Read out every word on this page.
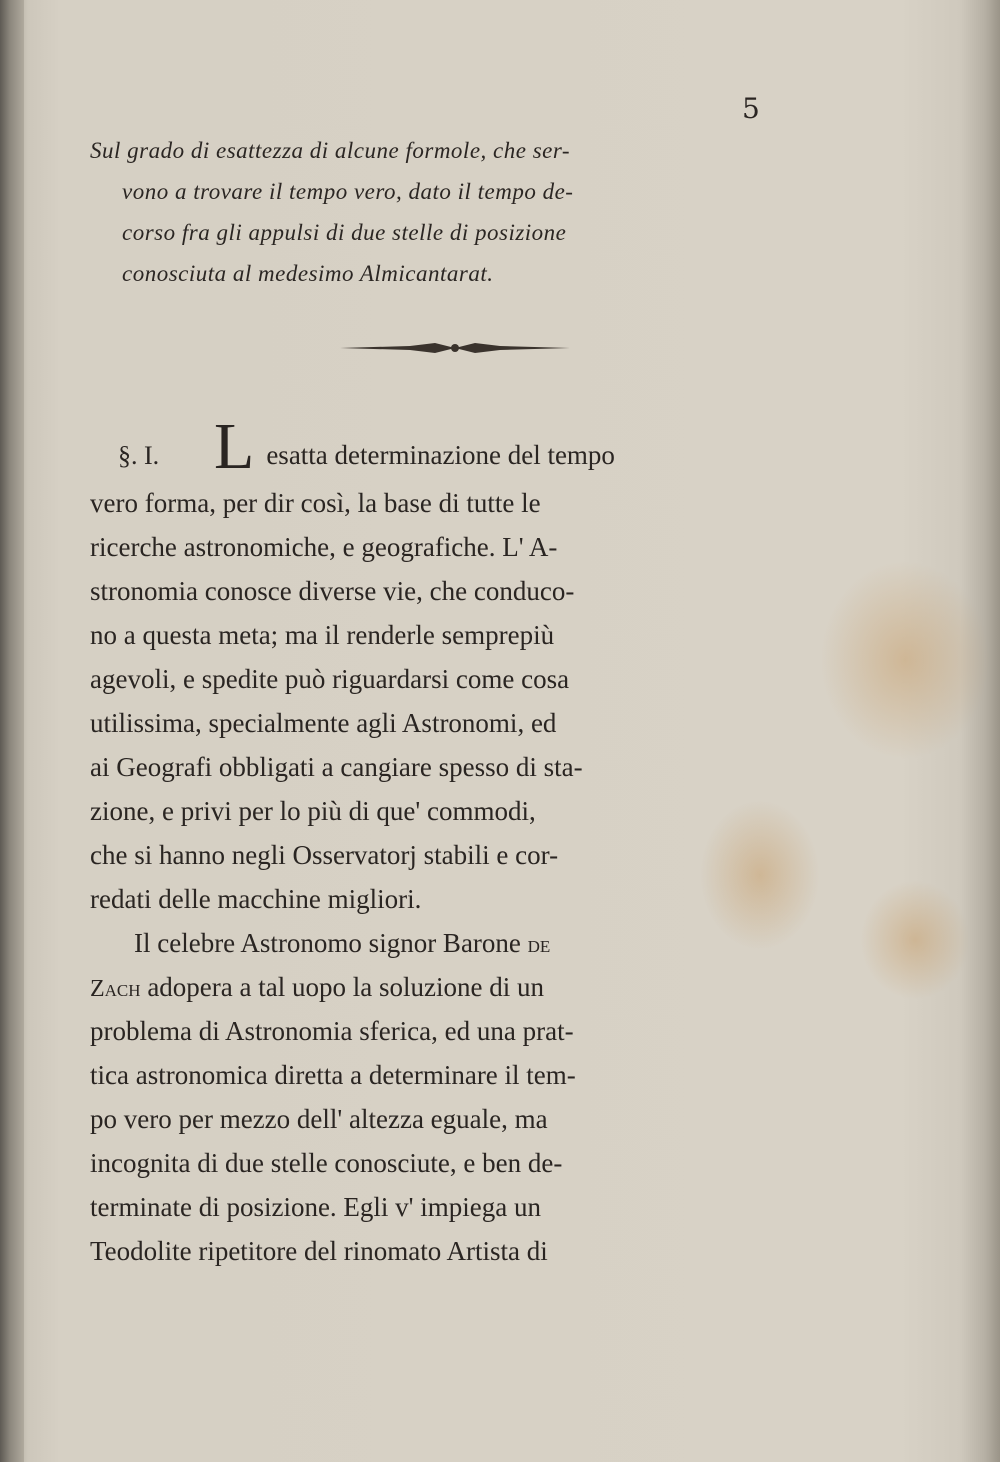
5
Sul grado di esattezza di alcune formole, che ser-
vono a trovare il tempo vero, dato il tempo de-
corso fra gli appulsi di due stelle di posizione
conosciuta al medesimo Almicantarat.
§. I. L esatta determinazione del tempo
vero forma, per dir così, la base di tutte le
ricerche astronomiche, e geografiche. L' A-
stronomia conosce diverse vie, che conduco-
no a questa meta; ma il renderle semprepiù
agevoli, e spedite può riguardarsi come cosa
utilissima, specialmente agli Astronomi, ed
ai Geografi obbligati a cangiare spesso di sta-
zione, e privi per lo più di que' commodi,
che si hanno negli Osservatorj stabili e cor-
redati delle macchine migliori.
Il celebre Astronomo signor Barone de
Zach adopera a tal uopo la soluzione di un
problema di Astronomia sferica, ed una prat-
tica astronomica diretta a determinare il tem-
po vero per mezzo dell' altezza eguale, ma
incognita di due stelle conosciute, e ben de-
terminate di posizione. Egli v' impiega un
Teodolite ripetitore del rinomato Artista di
